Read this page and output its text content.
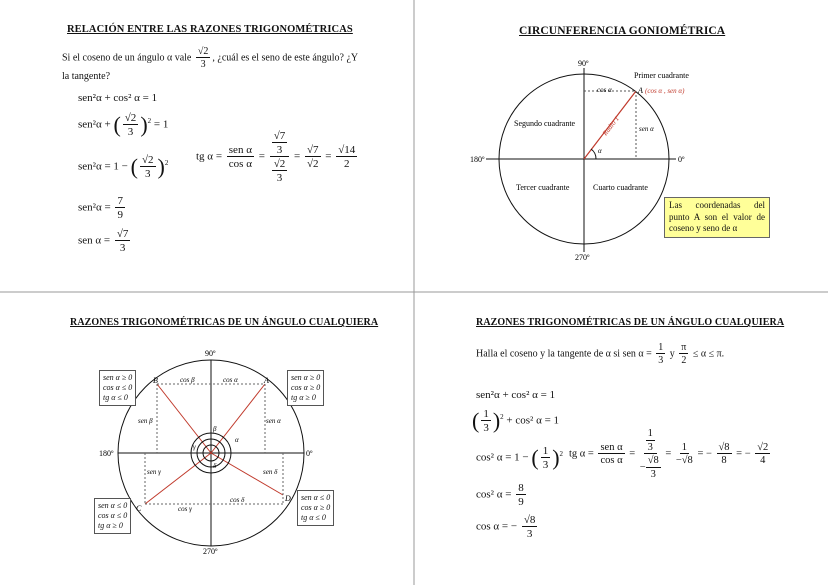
RELACIÓN ENTRE LAS RAZONES TRIGONOMÉTRICAS
Si el coseno de un ángulo α vale $\frac{√2}{3}$ , ¿cuál es el seno de este ángulo? ¿Y
la tangente?
sen²α + cos² α = 1
sen²α + ( $\frac{√2}{3} )^2 = 1$
sen²α = 1 − ( $\frac{√2}{3} )^2$
$sen^2\alpha = \frac{7}{9}$
sen $\alpha = \frac{√7}{3}$
tg $\alpha = \frac{\text{sen α}}{\text{cos α}} = \frac{\frac{√7}{3}}{\frac{√2}{3}} = \frac{√7}{√2} = \frac{√14}{2}$
CIRCUNFERENCIA GONIOMÉTRICA
90º
0º
180º
270º
Primer cuadrante
Segundo cuadrante
Tercer cuadrante	Cuarto cuadrante
cos α
sen α
A (cos α , sen α)
Radio 1
α
Las coordenadas del punto A son el valor de coseno y seno de α
RAZONES TRIGONOMÉTRICAS DE UN ÁNGULO CUALQUIERA
90º
0º
180º
270º
A
B
C
D
cos β	cos α
sen β	sen α
sen γ	sen δ
cos γ
cos δ
α
β
γ
δ
sen α ≥ 0
cos α ≤ 0
tg α ≤ 0
sen α ≥ 0
cos α ≥ 0
tg α ≥ 0
sen α ≤ 0
cos α ≤ 0
tg α ≥ 0
sen α ≤ 0
cos α ≥ 0
tg α ≤ 0
RAZONES TRIGONOMÉTRICAS DE UN ÁNGULO CUALQUIERA
Halla el coseno y la tangente de α si sen $\alpha = \frac{1}{3}$ y $\frac{\pi}{2} \le \alpha \le \pi$.
sen²α + cos² α = 1
( $\frac{1}{3} )^2 + \cos^2$ α = 1
cos² α = 1 − ( $\frac{1}{3} )^2$
cos² $\alpha = \frac{8}{9}$
cos α = − $\frac{√8}{3}$
tg $\alpha = \frac{\text{sen α}}{\text{cos α}} = \frac{\frac{1}{3}}{- \frac{√8}{3}} = \frac{1}{-√8}$ = − $\frac{√8}{8}$ = − $\frac{√2}{4}$
